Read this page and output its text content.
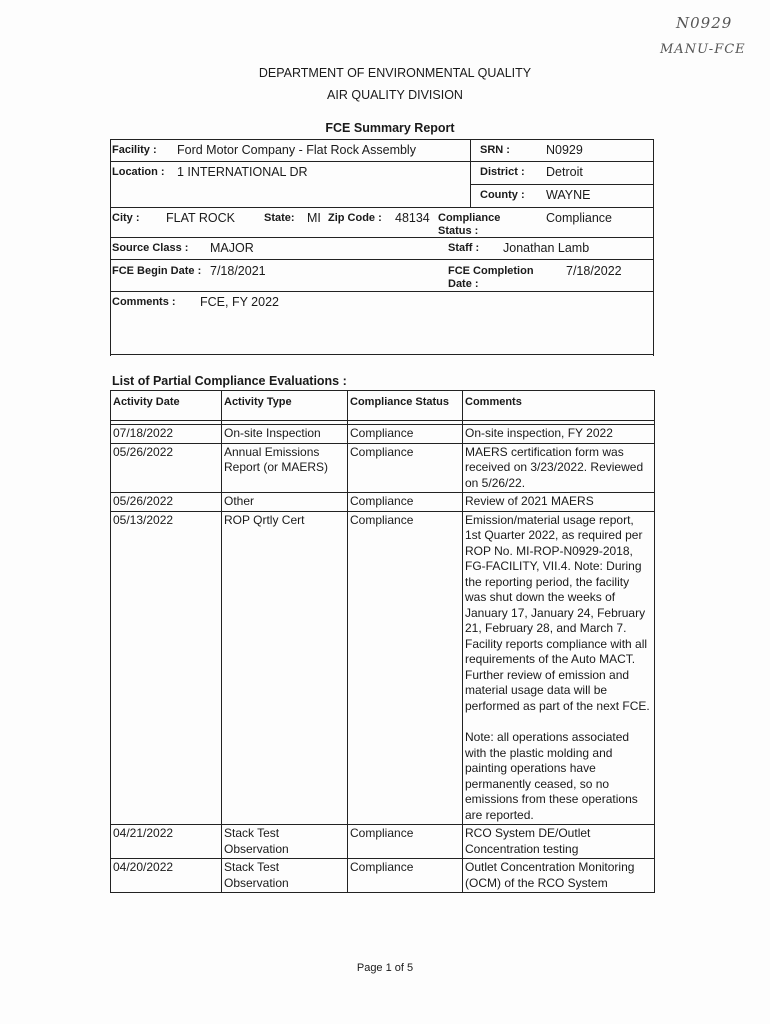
N0929
MANU-FCE
DEPARTMENT OF ENVIRONMENTAL QUALITY
AIR QUALITY DIVISION
FCE Summary Report
Facility : Ford Motor Company - Flat Rock Assembly	SRN :	N0929
Location : 1 INTERNATIONAL DR	District : Detroit
County : WAYNE
City : FLAT ROCK	State: MI Zip Code : 48134 Compliance Status :
Compliance
Source Class : MAJOR	Staff : Jonathan Lamb
FCE Begin Date : 7/18/2021	FCE Completion Date :
7/18/2022
Comments : FCE, FY 2022
List of Partial Compliance Evaluations :
Activity Date	Activity Type	Compliance Status	Comments

07/18/2022	On-site Inspection	Compliance	On-site inspection, FY 2022

05/26/2022	Annual Emissions Report (or MAERS)	Compliance	MAERS certification form was received on 3/23/2022. Reviewed on 5/26/22.

05/26/2022	Other	Compliance	Review of 2021 MAERS

05/13/2022	ROP Qrtly Cert	Compliance	Emission/material usage report, 1st Quarter 2022, as required per ROP No. MI-ROP-N0929-2018, FG-FACILITY, VII.4. Note: During the reporting period, the facility was shut down the weeks of January 17, January 24, February 21, February 28, and March 7. Facility reports compliance with all requirements of the Auto MACT. Further review of emission and material usage data will be performed as part of the next FCE.

Note: all operations associated with the plastic molding and painting operations have permanently ceased, so no emissions from these operations are reported.

04/21/2022	Stack Test Observation	Compliance	RCO System DE/Outlet Concentration testing

04/20/2022	Stack Test Observation	Compliance	Outlet Concentration Monitoring (OCM) of the RCO System

Page 1 of 5
